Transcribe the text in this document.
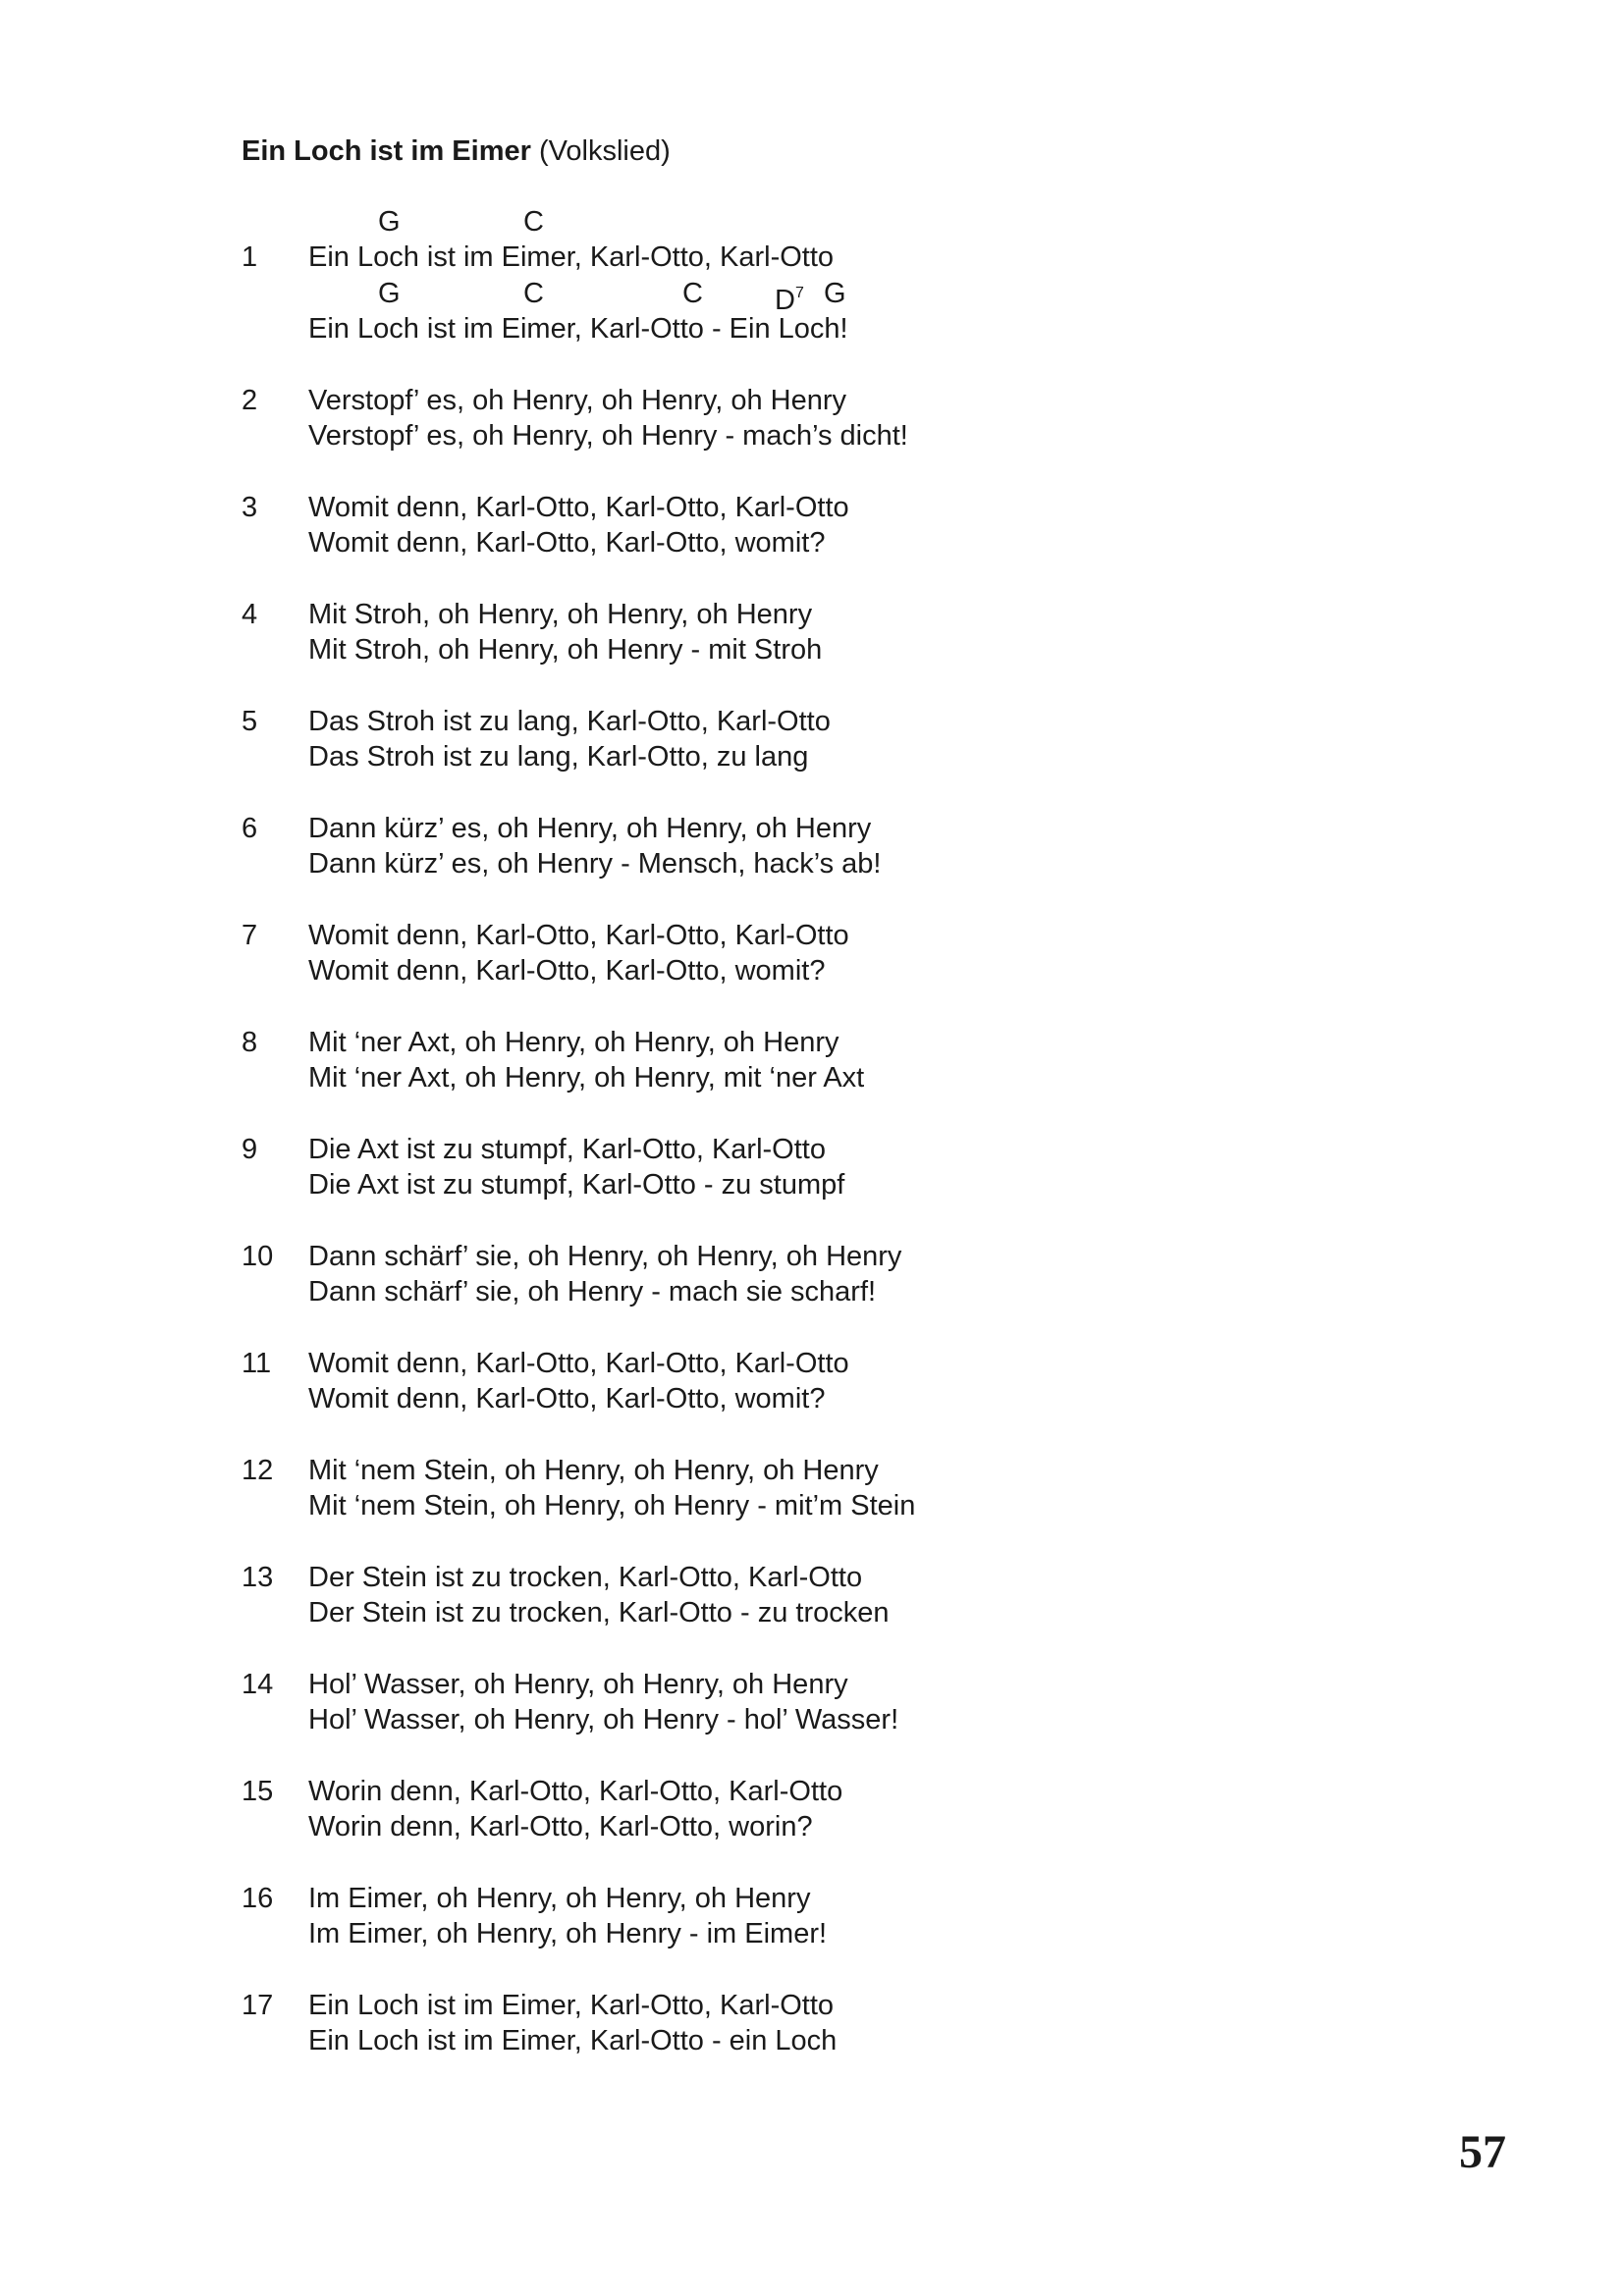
Ein Loch ist im Eimer (Volkslied)
G	C
G	C	C	$D^7$ G
1 Ein Loch ist im Eimer, Karl-Otto, Karl-Otto
Ein Loch ist im Eimer, Karl-Otto - Ein Loch!
2 Verstopf’ es, oh Henry, oh Henry, oh Henry
Verstopf’ es, oh Henry, oh Henry - mach’s dicht!
3 Womit denn, Karl-Otto, Karl-Otto, Karl-Otto
Womit denn, Karl-Otto, Karl-Otto, womit?
4 Mit Stroh, oh Henry, oh Henry, oh Henry
Mit Stroh, oh Henry, oh Henry - mit Stroh
5 Das Stroh ist zu lang, Karl-Otto, Karl-Otto
Das Stroh ist zu lang, Karl-Otto, zu lang
6 Dann kürz’ es, oh Henry, oh Henry, oh Henry
Dann kürz’ es, oh Henry - Mensch, hack’s ab!
7 Womit denn, Karl-Otto, Karl-Otto, Karl-Otto
Womit denn, Karl-Otto, Karl-Otto, womit?
8 Mit ‘ner Axt, oh Henry, oh Henry, oh Henry
Mit ‘ner Axt, oh Henry, oh Henry, mit ‘ner Axt
9 Die Axt ist zu stumpf, Karl-Otto, Karl-Otto
Die Axt ist zu stumpf, Karl-Otto - zu stumpf
10 Dann schärf’ sie, oh Henry, oh Henry, oh Henry
Dann schärf’ sie, oh Henry - mach sie scharf!
11 Womit denn, Karl-Otto, Karl-Otto, Karl-Otto
Womit denn, Karl-Otto, Karl-Otto, womit?
12 Mit ‘nem Stein, oh Henry, oh Henry, oh Henry
Mit ‘nem Stein, oh Henry, oh Henry - mit’m Stein
13 Der Stein ist zu trocken, Karl-Otto, Karl-Otto
Der Stein ist zu trocken, Karl-Otto - zu trocken
14 Hol’ Wasser, oh Henry, oh Henry, oh Henry
Hol’ Wasser, oh Henry, oh Henry - hol’ Wasser!
15 Worin denn, Karl-Otto, Karl-Otto, Karl-Otto
Worin denn, Karl-Otto, Karl-Otto, worin?
16 Im Eimer, oh Henry, oh Henry, oh Henry
Im Eimer, oh Henry, oh Henry - im Eimer!
17 Ein Loch ist im Eimer, Karl-Otto, Karl-Otto
Ein Loch ist im Eimer, Karl-Otto - ein Loch
57
